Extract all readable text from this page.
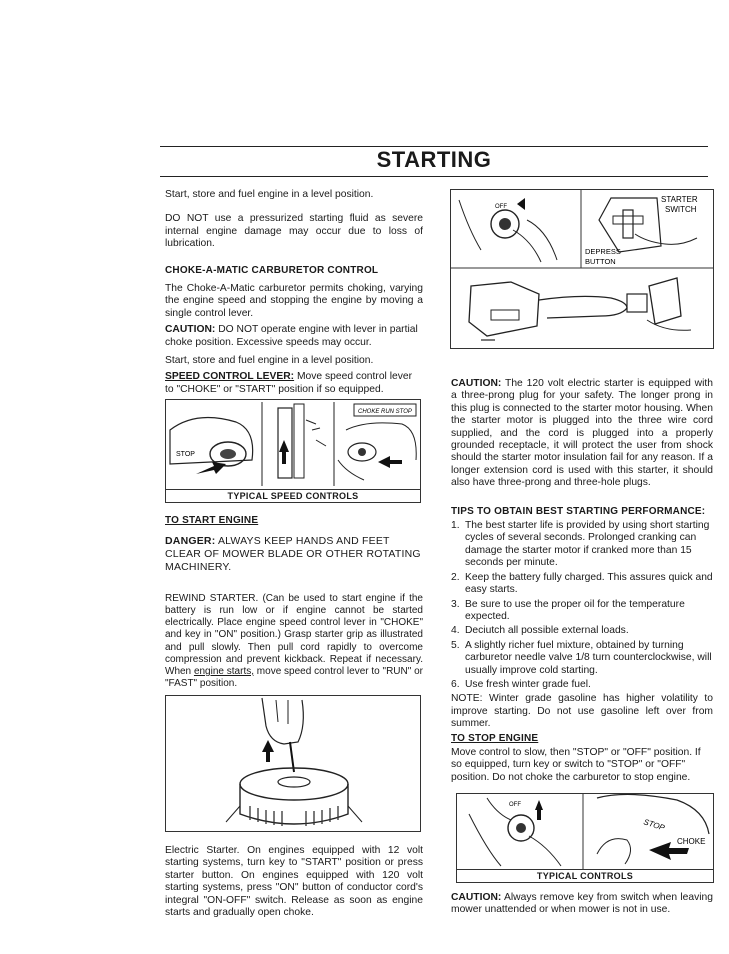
STARTING

Start, store and fuel engine in a level position.

DO NOT use a pressurized starting fluid as severe internal engine damage may occur due to loss of lubrication.

CHOKE-A-MATIC CARBURETOR CONTROL

The Choke-A-Matic carburetor permits choking, varying the engine speed and stopping the engine by moving a single control lever.

CAUTION: DO NOT operate engine with lever in partial choke position. Excessive speeds may occur.

Start, store and fuel engine in a level position.

SPEED CONTROL LEVER: Move speed control lever to "CHOKE" or "START" position if so equipped.

STOP
CHOKE RUN STOP
TYPICAL SPEED CONTROLS

TO START ENGINE

DANGER: ALWAYS KEEP HANDS AND FEET CLEAR OF MOWER BLADE OR OTHER ROTATING MACHINERY.

REWIND STARTER. (Can be used to start engine if the battery is run low or if engine cannot be started electrically. Place engine speed control lever in "CHOKE" and key in "ON" position.) Grasp starter grip as illustrated and pull slowly. Then pull cord rapidly to overcome compression and prevent kickback. Repeat if necessary. When engine starts, move speed control lever to "RUN" or "FAST" position.

Electric Starter. On engines equipped with 12 volt starting systems, turn key to "START" position or press starter button. On engines equipped with 120 volt starting systems, press "ON" button of conductor cord's integral "ON-OFF" switch. Release as soon as engine starts and gradually open choke.

OFF
STARTER
SWITCH
DEPRESS
BUTTON

CAUTION: The 120 volt electric starter is equipped with a three-prong plug for your safety. The longer prong in this plug is connected to the starter motor housing. When the starter motor is plugged into the three wire cord supplied, and the cord is plugged into a properly grounded receptacle, it will protect the user from shock should the starter motor insulation fail for any reason. If a longer extension cord is used with this starter, it should also have three-prong and three-hole plugs.

TIPS TO OBTAIN BEST STARTING PERFORMANCE:

1. The best starter life is provided by using short starting cycles of several seconds. Prolonged cranking can damage the starter motor if cranked more than 15 seconds per minute.
2. Keep the battery fully charged. This assures quick and easy starts.
3. Be sure to use the proper oil for the temperature expected.
4. Deciutch all possible external loads.
5. A slightly richer fuel mixture, obtained by turning carburetor needle valve 1/8 turn counterclockwise, will usually improve cold starting.
6. Use fresh winter grade fuel.

NOTE: Winter grade gasoline has higher volatility to improve starting. Do not use gasoline left over from summer.

TO STOP ENGINE

Move control to slow, then "STOP" or "OFF" position. If so equipped, turn key or switch to "STOP" or "OFF" position. Do not choke the carburetor to stop engine.

OFF
STOP
CHOKE
TYPICAL CONTROLS

CAUTION: Always remove key from switch when leaving mower unattended or when mower is not in use.
